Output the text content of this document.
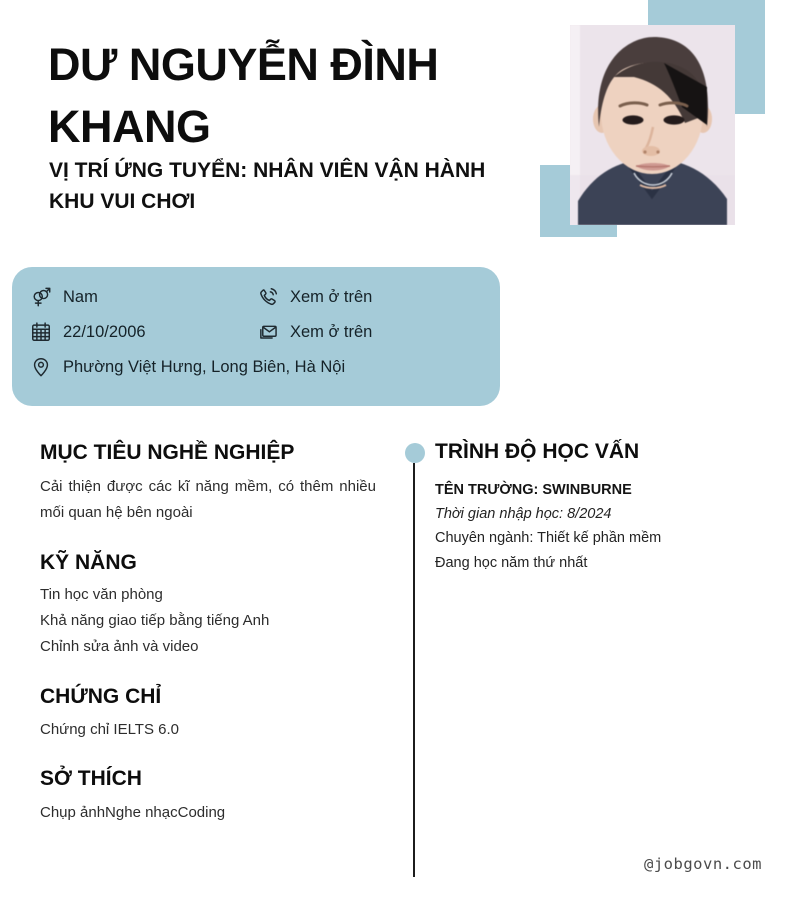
DƯ NGUYỄN ĐÌNH KHANG
VỊ TRÍ ỨNG TUYỂN: NHÂN VIÊN VẬN HÀNH KHU VUI CHƠI
Nam	Xem ở trên
22/10/2006	Xem ở trên
Phường Việt Hưng, Long Biên, Hà Nội
MỤC TIÊU NGHỀ NGHIỆP
Cải thiện được các kĩ năng mềm, có thêm nhiều mối quan hệ bên ngoài
KỸ NĂNG
Tin học văn phòng
Khả năng giao tiếp bằng tiếng Anh
Chỉnh sửa ảnh và video
CHỨNG CHỈ
Chứng chỉ IELTS 6.0
SỞ THÍCH
Chụp ảnhNghe nhạcCoding
TRÌNH ĐỘ HỌC VẤN
TÊN TRƯỜNG: SWINBURNE
Thời gian nhập học: 8/2024
Chuyên ngành: Thiết kế phần mềm
Đang học năm thứ nhất
@jobgovn.com
